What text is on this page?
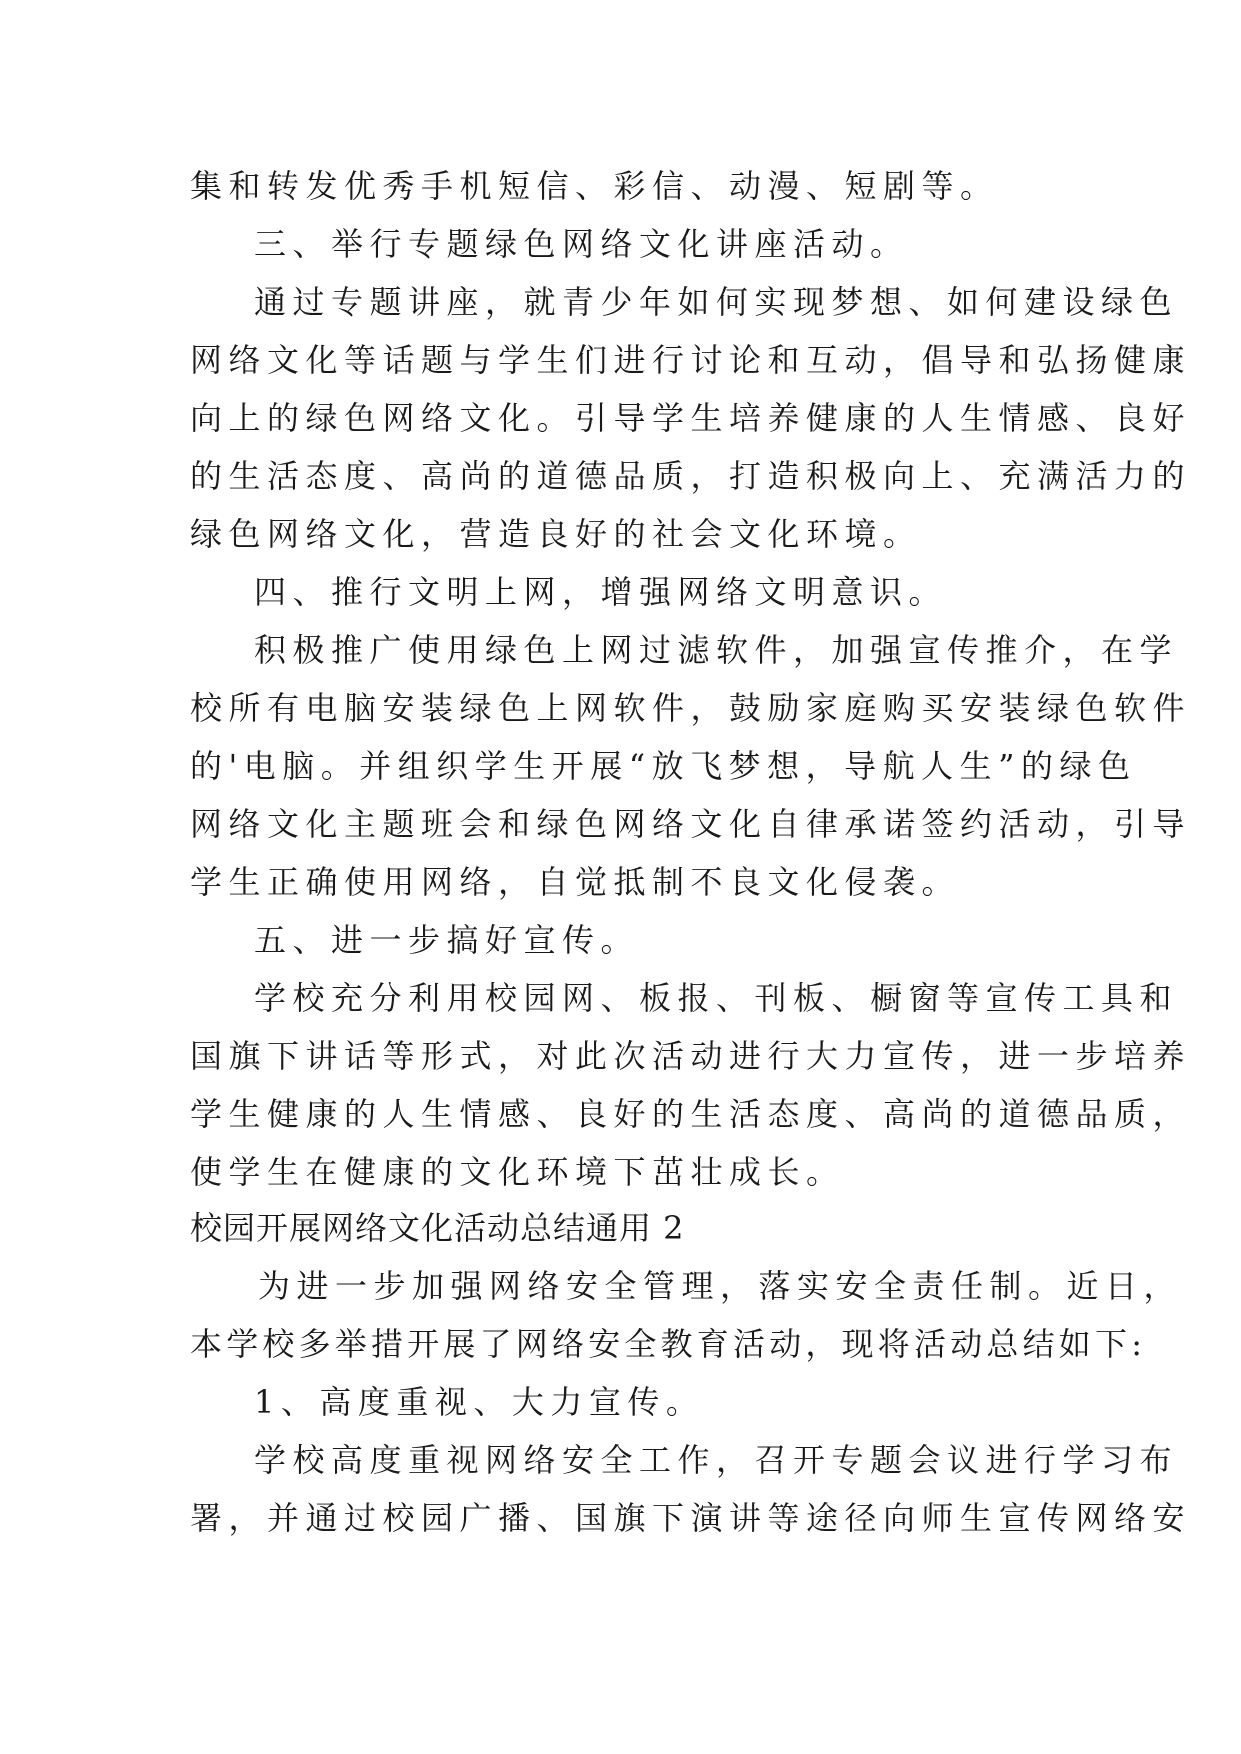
集和转发优秀手机短信、彩信、动漫、短剧等。

三、举行专题绿色网络文化讲座活动。

通过专题讲座，就青少年如何实现梦想、如何建设绿色

网络文化等话题与学生们进行讨论和互动，倡导和弘扬健康

向上的绿色网络文化。引导学生培养健康的人生情感、良好

的生活态度、高尚的道德品质，打造积极向上、充满活力的

绿色网络文化，营造良好的社会文化环境。

四、推行文明上网，增强网络文明意识。

积极推广使用绿色上网过滤软件，加强宣传推介，在学

校所有电脑安装绿色上网软件，鼓励家庭购买安装绿色软件

的'电脑。并组织学生开展“放飞梦想，导航人生”的绿色

网络文化主题班会和绿色网络文化自律承诺签约活动，引导

学生正确使用网络，自觉抵制不良文化侵袭。

五、进一步搞好宣传。

学校充分利用校园网、板报、刊板、橱窗等宣传工具和

国旗下讲话等形式，对此次活动进行大力宣传，进一步培养

学生健康的人生情感、良好的生活态度、高尚的道德品质，

使学生在健康的文化环境下茁壮成长。

校园开展网络文化活动总结通用 2

为进一步加强网络安全管理，落实安全责任制。近日，

本学校多举措开展了网络安全教育活动，现将活动总结如下:

1、高度重视、大力宣传。

学校高度重视网络安全工作，召开专题会议进行学习布

署，并通过校园广播、国旗下演讲等途径向师生宣传网络安
